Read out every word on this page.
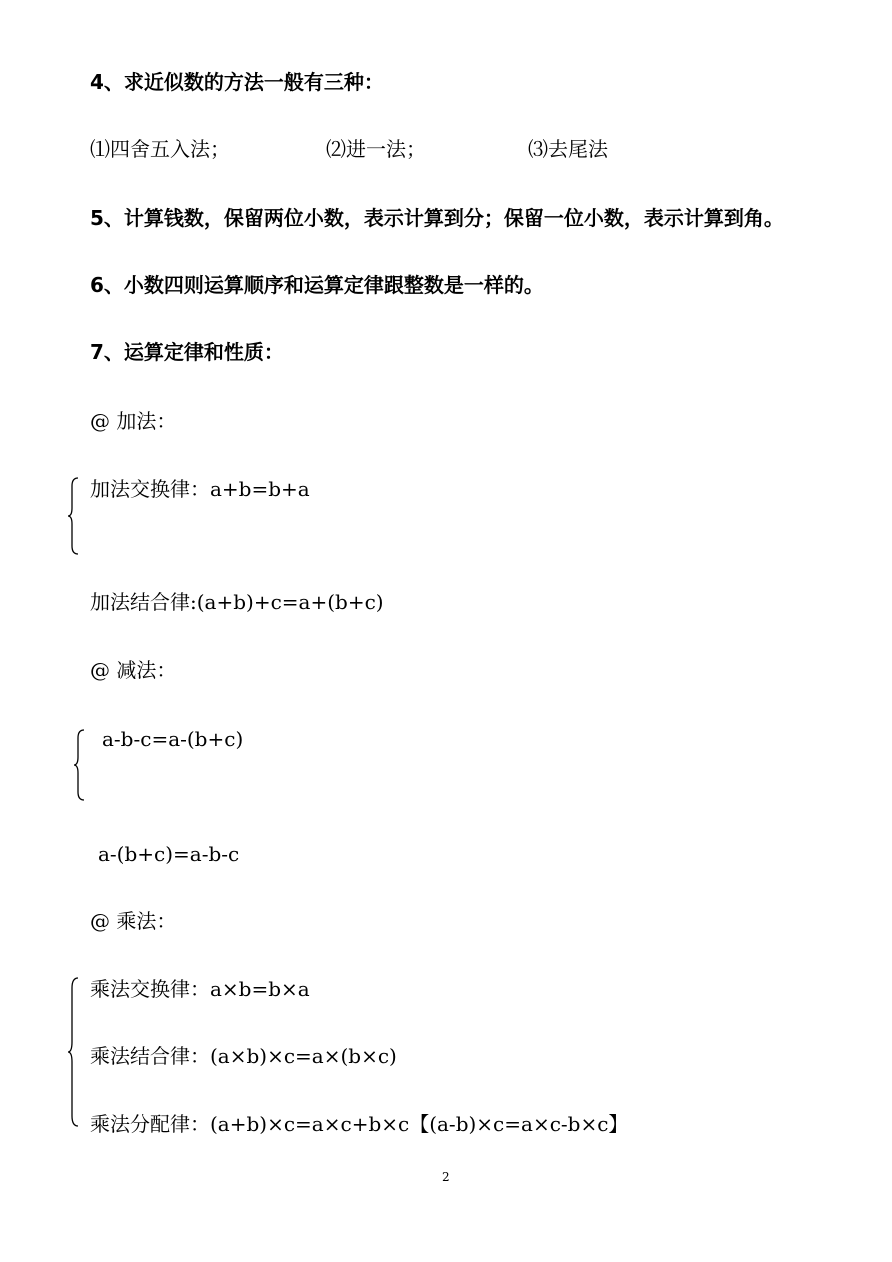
4、求近似数的方法一般有三种：
⑴四舍五入法；	⑵进一法；	⑶去尾法
5、计算钱数，保留两位小数，表示计算到分；保留一位小数，表示计算到角。
6、小数四则运算顺序和运算定律跟整数是一样的。
7、运算定律和性质：
@ 加法：
加法交换律：a+b=b+a
加法结合律:(a+b)+c=a+(b+c)
@ 减法：
a-b-c=a-(b+c)
a-(b+c)=a-b-c
@ 乘法：
乘法交换律：a×b=b×a
乘法结合律：(a×b)×c=a×(b×c)
乘法分配律：(a+b)×c=a×c+b×c【(a-b)×c=a×c-b×c】
2
